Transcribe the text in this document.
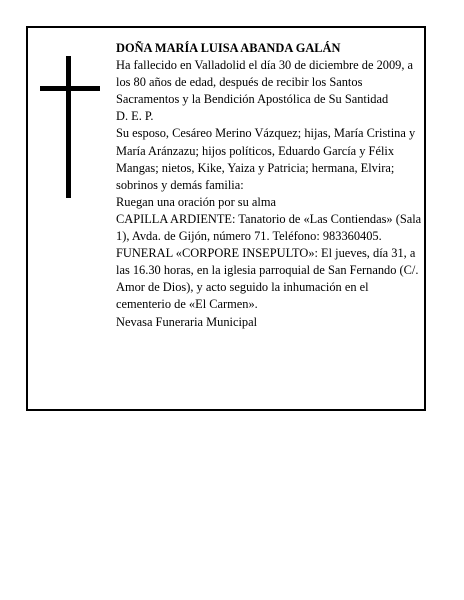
DOÑA MARÍA LUISA ABANDA GALÁN

Ha fallecido en Valladolid el día 30 de diciembre de 2009, a los 80 años de edad, después de recibir los Santos Sacramentos y la Bendición Apostólica de Su Santidad

D. E. P.

Su esposo, Cesáreo Merino Vázquez; hijas, María Cristina y María Aránzazu; hijos políticos, Eduardo García y Félix Mangas; nietos, Kike, Yaiza y Patricia; hermana, Elvira; sobrinos y demás familia:

Ruegan una oración por su alma

CAPILLA ARDIENTE: Tanatorio de «Las Contiendas» (Sala 1), Avda. de Gijón, número 71. Teléfono: 983360405.

FUNERAL «CORPORE INSEPULTO»: El jueves, día 31, a las 16.30 horas, en la iglesia parroquial de San Fernando (C/. Amor de Dios), y acto seguido la inhumación en el cementerio de «El Carmen».

Nevasa Funeraria Municipal
